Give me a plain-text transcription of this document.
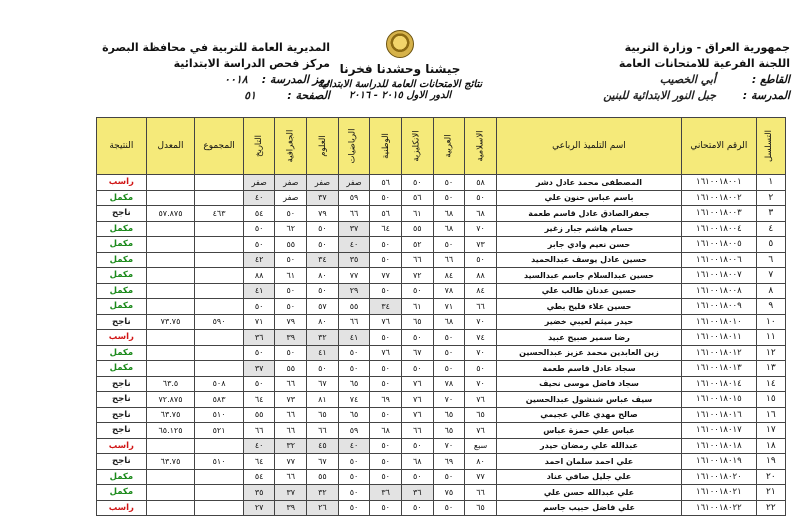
جمهورية العراق - وزارة التربية
اللجنة الفرعية للامتحانات العامة
القاطع :
أبي الخصيب
المدرسة :
جبل النور الابتدائية للبنين
جيشنا وحشدنا فخرنا
نتائج الامتحانات العامة للدراسة الابتدائية
الدور الاول ٢٠١٥ - ٢٠١٦
المديرية العامة للتربية في محافظة البصرة
مركز فحص الدراسة الابتدائية
رمز المدرسة :
٠٠١٨
الصفحة :
٥١
التسلسل	الرقم الامتحاني	اسم التلميذ الرباعي	الاسلامية	العربية	الانكليزية	الوطنية	الرياضيات	العلوم	الجغرافية	التاريخ	المجموع	المعدل	النتيجة
١	١٦١٠٠١٨٠٠١	المصطفى محمد عادل دشر	٥٨	٥٠	٥٠	٥٦	صفر	صفر	صفر	صفر			راسب
٢	١٦١٠٠١٨٠٠٢	باسم عباس حنون علي	٥٠	٥٠	٥٦	٥٠	٥٩	٣٧	صفر	٤٠			مكمل
٣	١٦١٠٠١٨٠٠٣	جعفرالصادق عادل قاسم طعمة	٦٨	٦٨	٦١	٥٦	٦٦	٧٩	٥٠	٥٤	٤٦٣	٥٧.٨٧٥	ناجح
٤	١٦١٠٠١٨٠٠٤	حسام هاشم جبار زغير	٧٠	٦٨	٥٥	٦٤	٣٧	٥٠	٦٢	٥٠			مكمل
٥	١٦١٠٠١٨٠٠٥	حسن نعيم وادي جابر	٧٣	٥٠	٥٢	٥٠	٤٠	٥٠	٥٥	٥٠			مكمل
٦	١٦١٠٠١٨٠٠٦	حسين عادل يوسف عبدالحميد	٥٠	٦٦	٦٦	٥٠	٣٥	٣٤	٥٠	٤٢			مكمل
٧	١٦١٠٠١٨٠٠٧	حسين عبدالسلام جاسم عبدالسيد	٨٨	٨٤	٧٢	٧٧	٧٧	٨٠	٦١	٨٨			مكمل
٨	١٦١٠٠١٨٠٠٨	حسين عدنان طالب علي	٨٤	٧٨	٥٠	٥٠	٢٩	٥٠	٥٠	٤١			مكمل
٩	١٦١٠٠١٨٠٠٩	حسين علاء فليح بطي	٦٦	٧١	٦١	٣٤	٥٥	٥٧	٥٠	٥٠			مكمل
١٠	١٦١٠٠١٨٠١٠	حيدر ميثم لعيبي خضير	٧٠	٦٨	٦٥	٧٦	٦٦	٨٠	٧٩	٧١	٥٩٠	٧٣.٧٥	ناجح
١١	١٦١٠٠١٨٠١١	رضا سمير صبيح عبيد	٧٤	٥٠	٥٠	٥٠	٤١	٣٢	٣٩	٣٦			راسب
١٢	١٦١٠٠١٨٠١٢	زين العابدين محمد عزيز عبدالحسين	٧٠	٥٠	٦٧	٧٦	٥٠	٤١	٥٠	٥٠			مكمل
١٣	١٦١٠٠١٨٠١٣	سجاد عادل قاسم طعمة	٥٠	٥٠	٥٠	٥٠	٥٠	٥٠	٥٥	٣٧			مكمل
١٤	١٦١٠٠١٨٠١٤	سجاد فاضل موسى نحيف	٧٠	٧٨	٧٦	٥٠	٦٥	٦٧	٦٦	٥٠	٥٠٨	٦٣.٥	ناجح
١٥	١٦١٠٠١٨٠١٥	سيف عباس شنشول عبدالحسين	٧٦	٧٠	٧٦	٦٩	٧٤	٨١	٧٣	٦٤	٥٨٣	٧٢.٨٧٥	ناجح
١٦	١٦١٠٠١٨٠١٦	صالح مهدي غالي عجيمي	٦٥	٦٥	٧٦	٥٠	٦٥	٦٥	٦٦	٥٥	٥١٠	٦٣.٧٥	ناجح
١٧	١٦١٠٠١٨٠١٧	عباس علي حمزة عباس	٧٦	٦٥	٦٦	٦٨	٥٩	٦٦	٦٦	٦٦	٥٢١	٦٥.١٢٥	ناجح
١٨	١٦١٠٠١٨٠١٨	عبدالله علي رمضان حيدر	سبع	٧٠	٥٠	٥٠	٤٠	٤٥	٣٢	٤٠			راسب
١٩	١٦١٠٠١٨٠١٩	علي احمد سلمان احمد	٨٠	٦٩	٦٨	٥٠	٥٠	٦٧	٧٧	٦٤	٥١٠	٦٣.٧٥	ناجح
٢٠	١٦١٠٠١٨٠٢٠	علي جليل صافي عناد	٧٧	٥٠	٥٠	٥٠	٥٠	٥٥	٦٦	٥٤			مكمل
٢١	١٦١٠٠١٨٠٢١	علي عبدالله حسن علي	٦٦	٧٥	٣٦	٣٦	٥٠	٣٢	٣٧	٣٥			مكمل
٢٢	١٦١٠٠١٨٠٢٢	علي فاضل حبيب جاسم	٦٥	٥٠	٥٠	٥٠	٥٠	٢٦	٣٩	٢٧			راسب
